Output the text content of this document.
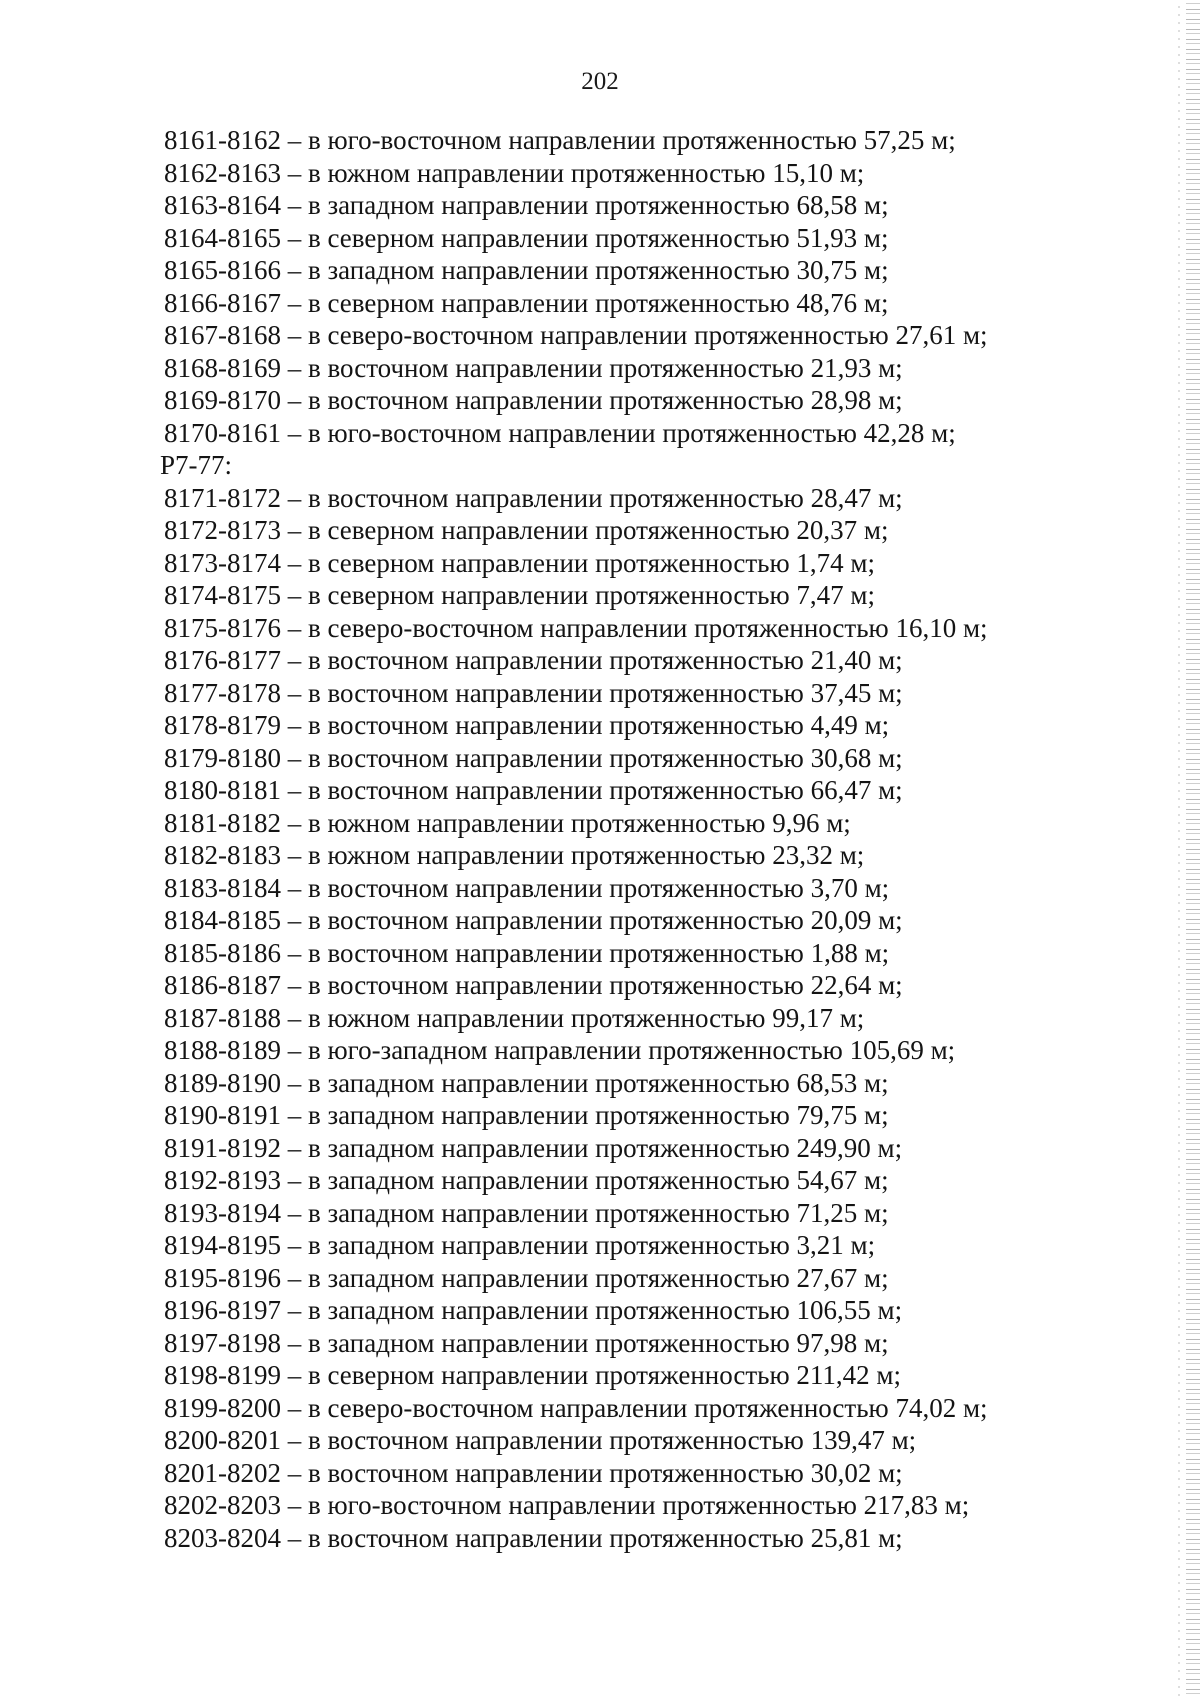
202
8161-8162 – в юго-восточном направлении протяженностью 57,25 м;
8162-8163 – в южном направлении протяженностью 15,10 м;
8163-8164 – в западном направлении протяженностью 68,58 м;
8164-8165 – в северном направлении протяженностью 51,93 м;
8165-8166 – в западном направлении протяженностью 30,75 м;
8166-8167 – в северном направлении протяженностью 48,76 м;
8167-8168 – в северо-восточном направлении протяженностью 27,61 м;
8168-8169 – в восточном направлении протяженностью 21,93 м;
8169-8170 – в восточном направлении протяженностью 28,98 м;
8170-8161 – в юго-восточном направлении протяженностью 42,28 м;
Р7-77:
8171-8172 – в восточном направлении протяженностью 28,47 м;
8172-8173 – в северном направлении протяженностью 20,37 м;
8173-8174 – в северном направлении протяженностью 1,74 м;
8174-8175 – в северном направлении протяженностью 7,47 м;
8175-8176 – в северо-восточном направлении протяженностью 16,10 м;
8176-8177 – в восточном направлении протяженностью 21,40 м;
8177-8178 – в восточном направлении протяженностью 37,45 м;
8178-8179 – в восточном направлении протяженностью 4,49 м;
8179-8180 – в восточном направлении протяженностью 30,68 м;
8180-8181 – в восточном направлении протяженностью 66,47 м;
8181-8182 – в южном направлении протяженностью 9,96 м;
8182-8183 – в южном направлении протяженностью 23,32 м;
8183-8184 – в восточном направлении протяженностью 3,70 м;
8184-8185 – в восточном направлении протяженностью 20,09 м;
8185-8186 – в восточном направлении протяженностью 1,88 м;
8186-8187 – в восточном направлении протяженностью 22,64 м;
8187-8188 – в южном направлении протяженностью 99,17 м;
8188-8189 – в юго-западном направлении протяженностью 105,69 м;
8189-8190 – в западном направлении протяженностью 68,53 м;
8190-8191 – в западном направлении протяженностью 79,75 м;
8191-8192 – в западном направлении протяженностью 249,90 м;
8192-8193 – в западном направлении протяженностью 54,67 м;
8193-8194 – в западном направлении протяженностью 71,25 м;
8194-8195 – в западном направлении протяженностью 3,21 м;
8195-8196 – в западном направлении протяженностью 27,67 м;
8196-8197 – в западном направлении протяженностью 106,55 м;
8197-8198 – в западном направлении протяженностью 97,98 м;
8198-8199 – в северном направлении протяженностью 211,42 м;
8199-8200 – в северо-восточном направлении протяженностью 74,02 м;
8200-8201 – в восточном направлении протяженностью 139,47 м;
8201-8202 – в восточном направлении протяженностью 30,02 м;
8202-8203 – в юго-восточном направлении протяженностью 217,83 м;
8203-8204 – в восточном направлении протяженностью 25,81 м;
